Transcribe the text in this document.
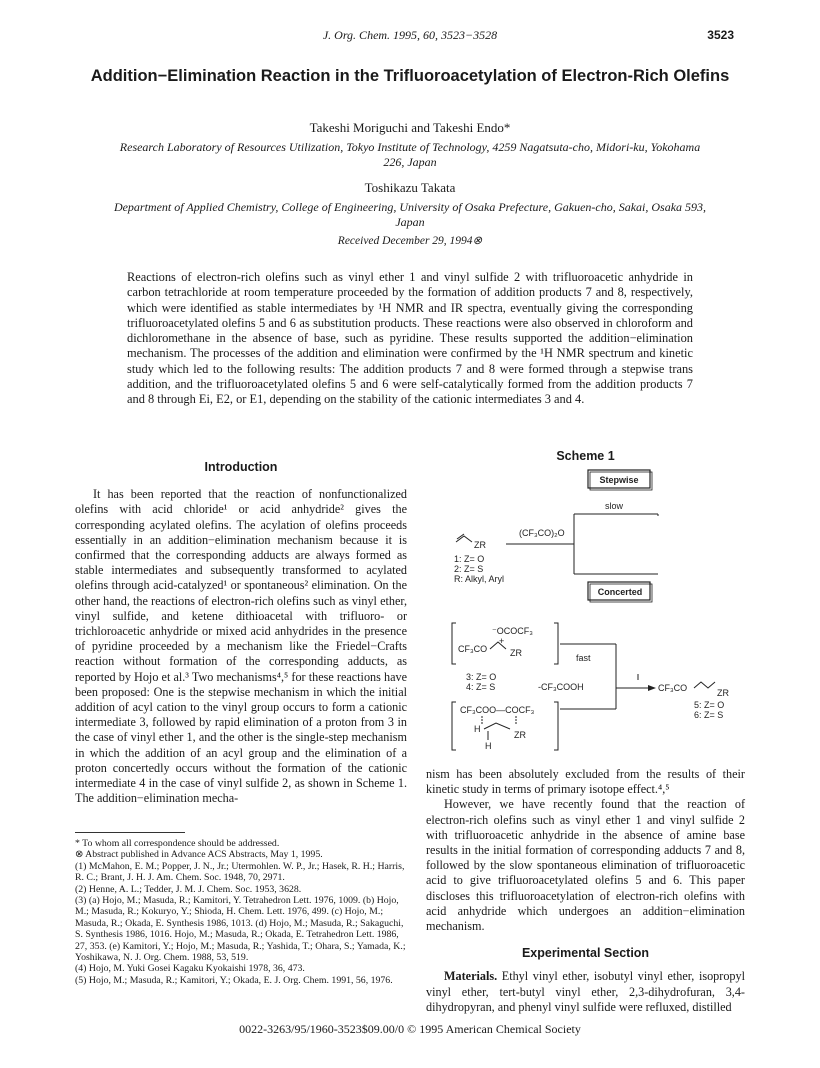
J. Org. Chem. 1995, 60, 3523−3528	3523
Addition−Elimination Reaction in the Trifluoroacetylation of Electron-Rich Olefins
Takeshi Moriguchi and Takeshi Endo*
Research Laboratory of Resources Utilization, Tokyo Institute of Technology, 4259 Nagatsuta-cho, Midori-ku, Yokohama 226, Japan
Toshikazu Takata
Department of Applied Chemistry, College of Engineering, University of Osaka Prefecture, Gakuen-cho, Sakai, Osaka 593, Japan
Received December 29, 1994⊗
Reactions of electron-rich olefins such as vinyl ether 1 and vinyl sulfide 2 with trifluoroacetic anhydride in carbon tetrachloride at room temperature proceeded by the formation of addition products 7 and 8, respectively, which were identified as stable intermediates by ¹H NMR and IR spectra, eventually giving the corresponding trifluoroacetylated olefins 5 and 6 as substitution products. These reactions were also observed in chloroform and dichloromethane in the absence of base, such as pyridine. These results supported the addition−elimination mechanism. The processes of the addition and elimination were confirmed by the ¹H NMR spectrum and kinetic study which led to the following results: The addition products 7 and 8 were formed through a stepwise trans addition, and the trifluoroacetylated olefins 5 and 6 were self-catalytically formed from the addition products 7 and 8 through Ei, E2, or E1, depending on the stability of the cationic intermediates 3 and 4.
Introduction

It has been reported that the reaction of nonfunctionalized olefins with acid chloride¹ or acid anhydride² gives the corresponding acylated olefins. The acylation of olefins proceeds essentially in an addition−elimination mechanism because it is confirmed that the corresponding adducts are always formed as stable intermediates and subsequently transformed to acylated olefins through acid-catalyzed¹ or spontaneous² elimination. On the other hand, the reactions of electron-rich olefins such as vinyl ether, vinyl sulfide, and ketene dithioacetal with trifluoro- or trichloroacetic anhydride or mixed acid anhydrides in the presence of pyridine proceeded by a mechanism like the Friedel−Crafts reaction without formation of the corresponding adducts, as reported by Hojo et al.³ Two mechanisms⁴,⁵ for these reactions have been proposed: One is the stepwise mechanism in which the initial addition of acyl cation to the vinyl group occurs to form a cationic intermediate 3, followed by rapid elimination of a proton from 3 in the case of vinyl ether 1, and the other is the single-step mechanism in which the addition of an acyl group and the elimination of a proton concertedly occurs without the formation of the cationic intermediate 4 in the case of vinyl sulfide 2, as shown in Scheme 1. The addition−elimination mecha-

* To whom all correspondence should be addressed.

⊗ Abstract published in Advance ACS Abstracts, May 1, 1995.

(1) McMahon, E. M.; Popper, J. N., Jr.; Utermohlen. W. P., Jr.; Hasek, R. H.; Harris, R. C.; Brant, J. H. J. Am. Chem. Soc. 1948, 70, 2971.

(2) Henne, A. L.; Tedder, J. M. J. Chem. Soc. 1953, 3628.

(3) (a) Hojo, M.; Masuda, R.; Kamitori, Y. Tetrahedron Lett. 1976, 1009. (b) Hojo, M.; Masuda, R.; Kokuryo, Y.; Shioda, H. Chem. Lett. 1976, 499. (c) Hojo, M.; Masuda, R.; Okada, E. Synthesis 1986, 1013. (d) Hojo, M.; Masuda, R.; Sakaguchi, S. Synthesis 1986, 1016. Hojo, M.; Masuda, R.; Okada, E. Tetrahedron Lett. 1986, 27, 353. (e) Kamitori, Y.; Hojo, M.; Masuda, R.; Yashida, T.; Ohara, S.; Yamada, K.; Yoshikawa, N. J. Org. Chem. 1988, 53, 519.

(4) Hojo, M. Yuki Gosei Kagaku Kyokaishi 1978, 36, 473.

(5) Hojo, M.; Masuda, R.; Kamitori, Y.; Okada, E. J. Org. Chem. 1991, 56, 1976.

Scheme 1
Stepwise
slow
ZR
(CF₃CO)₂O
1: Z= O
2: Z= S
R: Alkyl, Aryl
Concerted
⁻OCOCF₃
CF₃CO
+
ZR	fast
3: Z= O
4: Z= S	-CF₃COOH	CF₃CO	ZR
5: Z= O
6: Z= S
CF₃COO—COCF₃
H
ZR
H

nism has been absolutely excluded from the results of their kinetic study in terms of primary isotope effect.⁴,⁵

However, we have recently found that the reaction of electron-rich olefins such as vinyl ether 1 and vinyl sulfide 2 with trifluoroacetic anhydride in the absence of amine base results in the initial formation of corresponding adducts 7 and 8, followed by the slow spontaneous elimination of trifluoroacetic acid to give trifluoroacetylated olefins 5 and 6. This paper discloses this trifluoroacetylation of electron-rich olefins with acid anhydride which undergoes an addition−elimination mechanism.

Experimental Section

Materials. Ethyl vinyl ether, isobutyl vinyl ether, isopropyl vinyl ether, tert-butyl vinyl ether, 2,3-dihydrofuran, 3,4-dihydropyran, and phenyl vinyl sulfide were refluxed, distilled

0022-3263/95/1960-3523$09.00/0 © 1995 American Chemical Society
